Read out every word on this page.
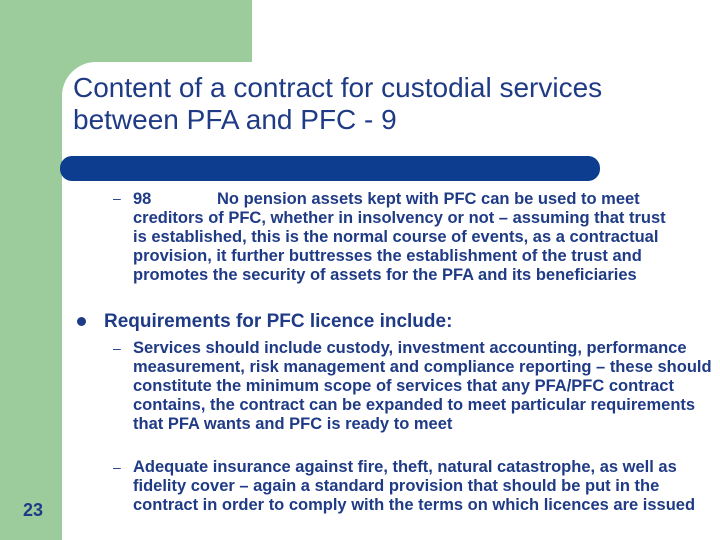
Content of a contract for custodial services between PFA and PFC - 9
– 98	No pension assets kept with PFC can be used to meet creditors of PFC, whether in insolvency or not – assuming that trust is established, this is the normal course of events, as a contractual provision, it further buttresses the establishment of the trust and promotes the security of assets for the PFA and its beneficiaries
Requirements for PFC licence include:
– Services should include custody, investment accounting, performance measurement, risk management and compliance reporting – these should constitute the minimum scope of services that any PFA/PFC contract contains, the contract can be expanded to meet particular requirements that PFA wants and PFC is ready to meet
– Adequate insurance against fire, theft, natural catastrophe, as well as fidelity cover – again a standard provision that should be put in the contract in order to comply with the terms on which licences are issued
23
